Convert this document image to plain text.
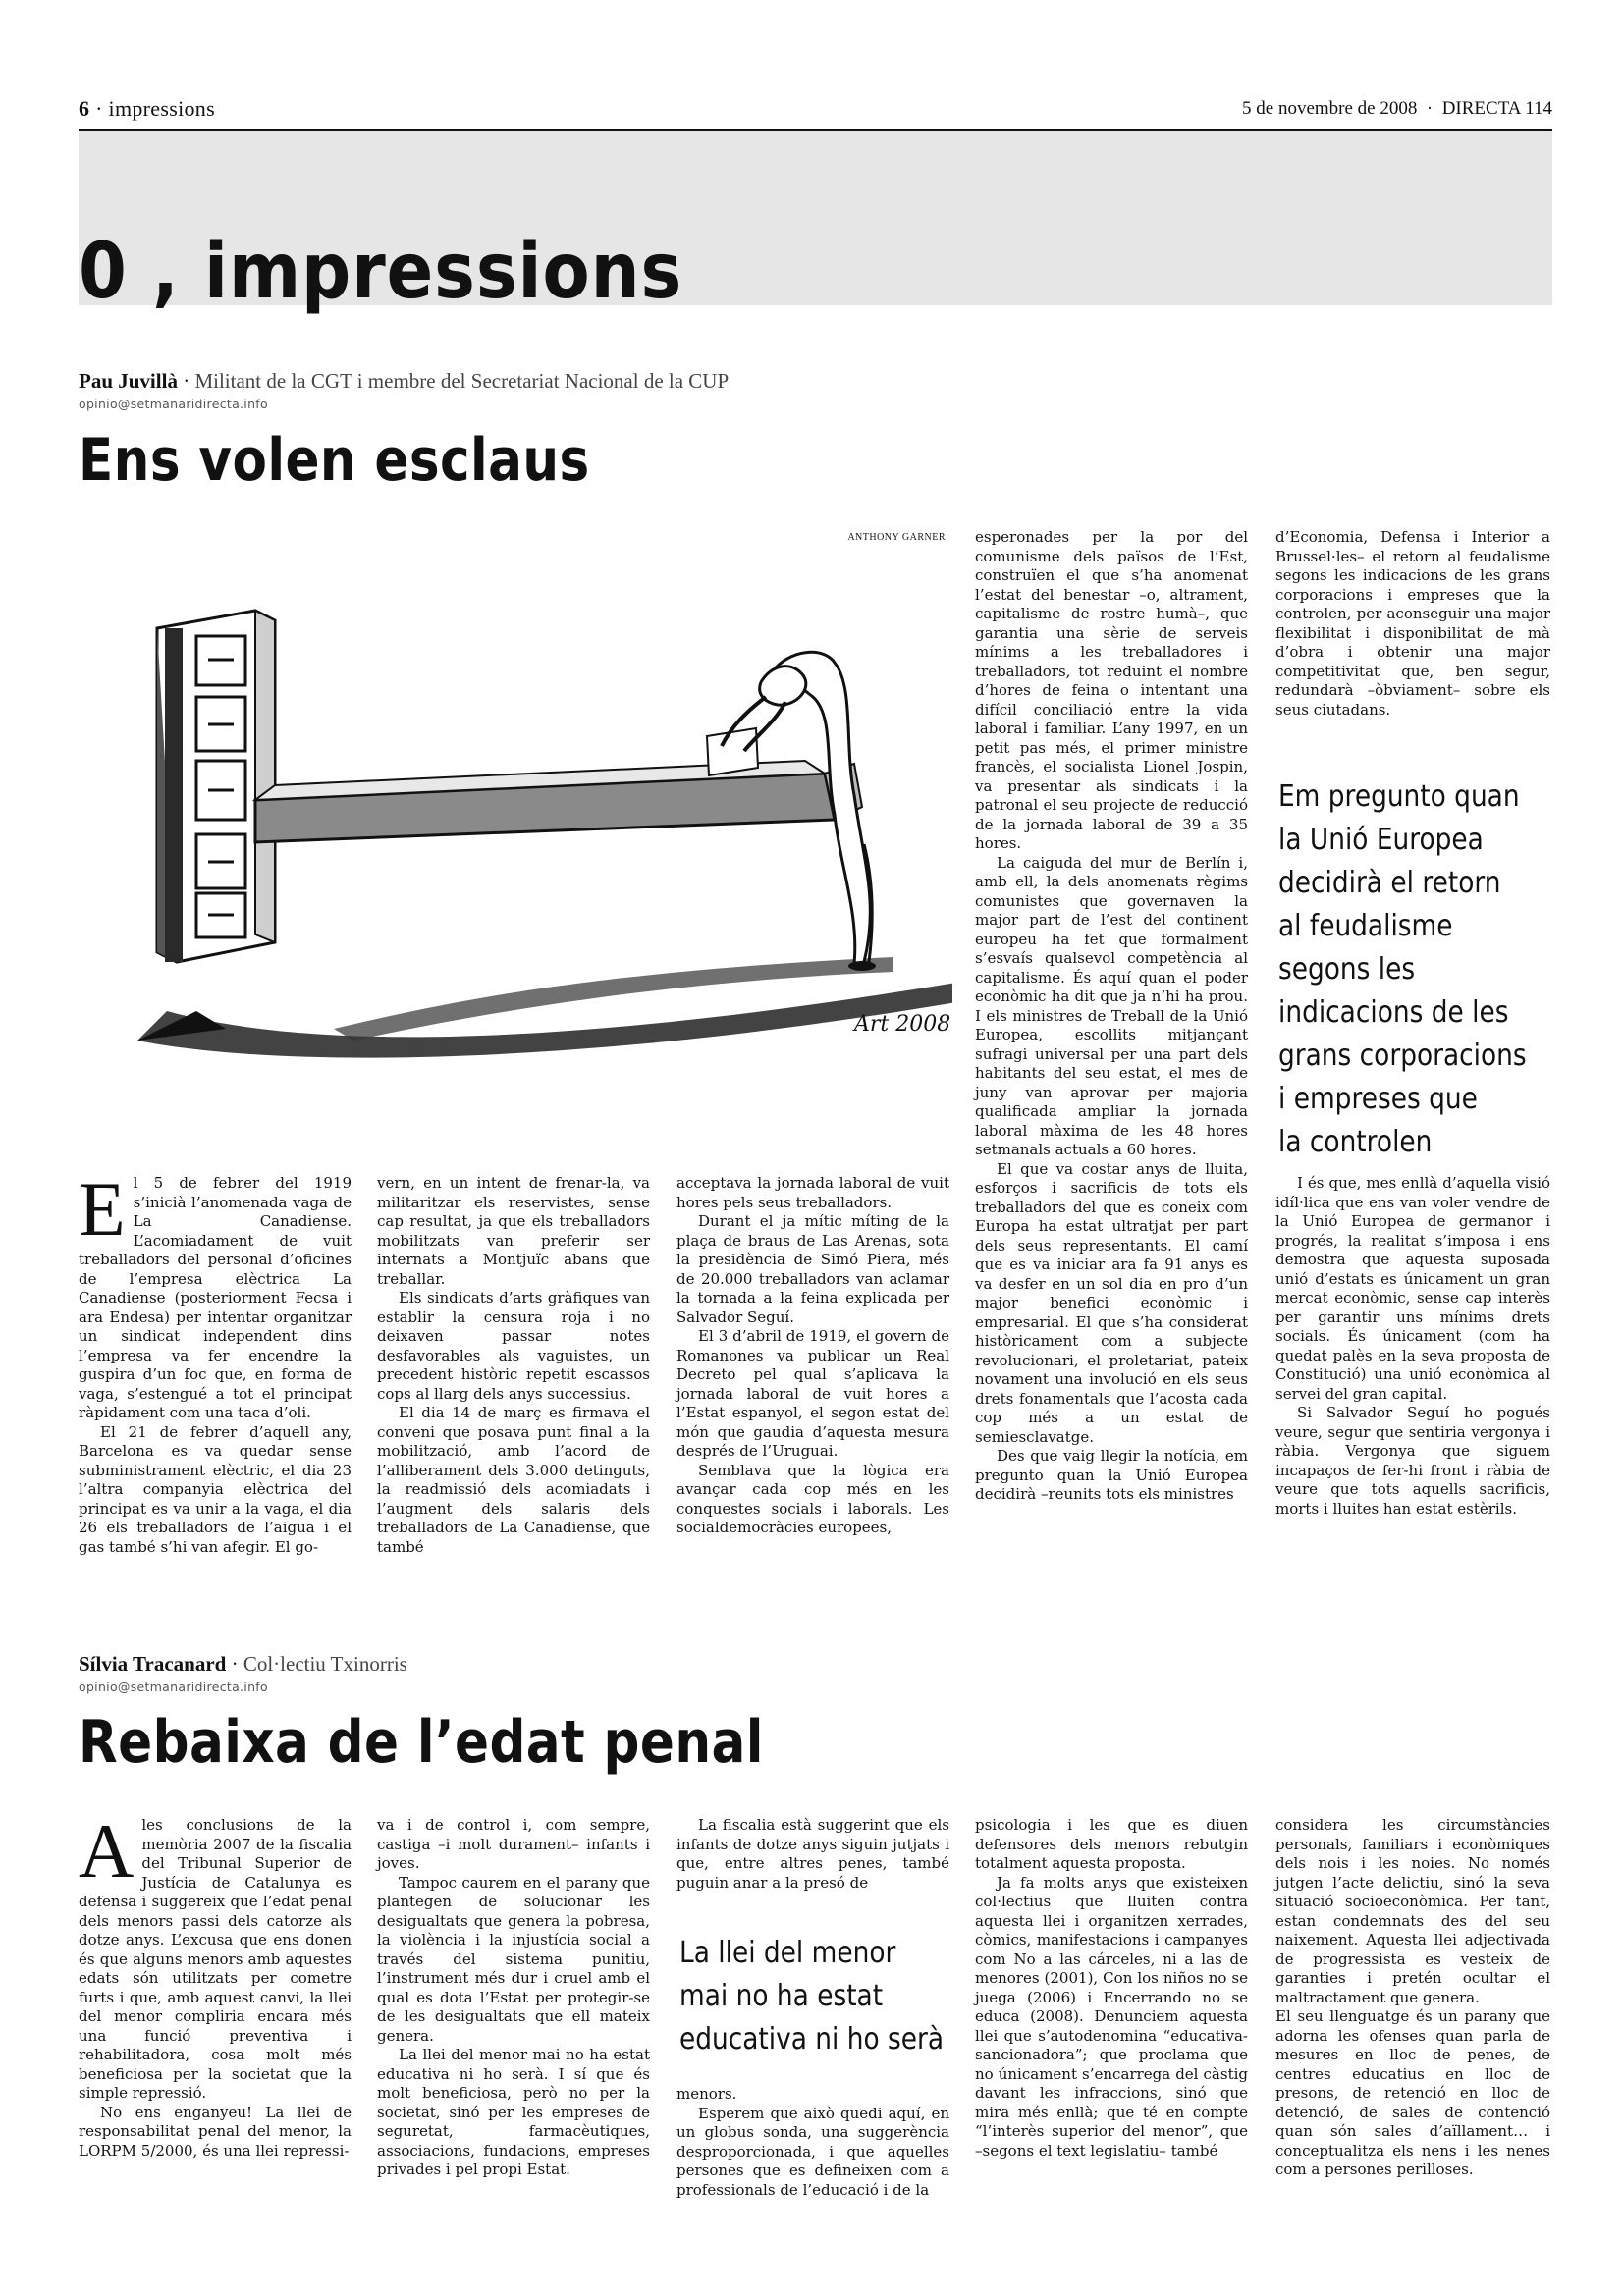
6 · impressions	5 de novembre de 2008  ·  DIRECTA 114
0 , impressions
Pau Juvillà · Militant de la CGT i membre del Secretariat Nacional de la CUP
opinio@setmanaridirecta.info
Ens volen esclaus
ANTHONY GARNER
Art 2008
E l 5 de febrer del 1919 s’inicià l’anomenada vaga de La Canadiense. L’acomiadament de vuit treballadors del personal d’oficines de l’empresa elèctrica La Canadiense (posteriorment Fecsa i ara Endesa) per intentar organitzar un sindicat independent dins l’empresa va fer encendre la guspira d’un foc que, en forma de vaga, s’estengué a tot el principat ràpidament com una taca d’oli.

El 21 de febrer d’aquell any, Barcelona es va quedar sense subministrament elèctric, el dia 23 l’altra companyia elèctrica del principat es va unir a la vaga, el dia 26 els treballadors de l’aigua i el gas també s’hi van afegir. El go-

vern, en un intent de frenar-la, va militaritzar els reservistes, sense cap resultat, ja que els treballadors mobilitzats van preferir ser internats a Montjuïc abans que treballar.

Els sindicats d’arts gràfiques van establir la censura roja i no deixaven passar notes desfavorables als vaguistes, un precedent històric repetit escassos cops al llarg dels anys successius.

El dia 14 de març es firmava el conveni que posava punt final a la mobilització, amb l’acord de l’alliberament dels 3.000 detinguts, la readmissió dels acomiadats i l’augment dels salaris dels treballadors de La Canadiense, que també

acceptava la jornada laboral de vuit hores pels seus treballadors.

Durant el ja mític míting de la plaça de braus de Las Arenas, sota la presidència de Simó Piera, més de 20.000 treballadors van aclamar la tornada a la feina explicada per Salvador Seguí.

El 3 d’abril de 1919, el govern de Romanones va publicar un Real Decreto pel qual s’aplicava la jornada laboral de vuit hores a l’Estat espanyol, el segon estat del món que gaudia d’aquesta mesura després de l’Uruguai.

Semblava que la lògica era avançar cada cop més en les conquestes socials i laborals. Les socialdemocràcies europees,

esperonades per la por del comunisme dels països de l’Est, construïen el que s’ha anomenat l’estat del benestar –o, altrament, capitalisme de rostre humà–, que garantia una sèrie de serveis mínims a les treballadores i treballadors, tot reduint el nombre d’hores de feina o intentant una difícil conciliació entre la vida laboral i familiar. L’any 1997, en un petit pas més, el primer ministre francès, el socialista Lionel Jospin, va presentar als sindicats i la patronal el seu projecte de reducció de la jornada laboral de 39 a 35 hores.

La caiguda del mur de Berlín i, amb ell, la dels anomenats règims comunistes que governaven la major part de l’est del continent europeu ha fet que formalment s’esvaís qualsevol competència al capitalisme. És aquí quan el poder econòmic ha dit que ja n’hi ha prou. I els ministres de Treball de la Unió Europea, escollits mitjançant sufragi universal per una part dels habitants del seu estat, el mes de juny van aprovar per majoria qualificada ampliar la jornada laboral màxima de les 48 hores setmanals actuals a 60 hores.

El que va costar anys de lluita, esforços i sacrificis de tots els treballadors del que es coneix com Europa ha estat ultratjat per part dels seus representants. El camí que es va iniciar ara fa 91 anys es va desfer en un sol dia en pro d’un major benefici econòmic i empresarial. El que s’ha considerat històricament com a subjecte revolucionari, el proletariat, pateix novament una involució en els seus drets fonamentals que l’acosta cada cop més a un estat de semiesclavatge.

Des que vaig llegir la notícia, em pregunto quan la Unió Europea decidirà –reunits tots els ministres

d’Economia, Defensa i Interior a Brussel·les– el retorn al feudalisme segons les indicacions de les grans corporacions i empreses que la controlen, per aconseguir una major flexibilitat i disponibilitat de mà d’obra i obtenir una major competitivitat que, ben segur, redundarà –òbviament– sobre els seus ciutadans.

Em pregunto quan
la Unió Europea
decidirà el retorn
al feudalisme
segons les
indicacions de les
grans corporacions
i empreses que
la controlen

I és que, mes enllà d’aquella visió idíl·lica que ens van voler vendre de la Unió Europea de germanor i progrés, la realitat s’imposa i ens demostra que aquesta suposada unió d’estats es únicament un gran mercat econòmic, sense cap interès per garantir uns mínims drets socials. És únicament (com ha quedat palès en la seva proposta de Constitució) una unió econòmica al servei del gran capital.

Si Salvador Seguí ho pogués veure, segur que sentiria vergonya i ràbia. Vergonya que siguem incapaços de fer-hi front i ràbia de veure que tots aquells sacrificis, morts i lluites han estat estèrils.

Sílvia Tracanard · Col·lectiu Txinorris
opinio@setmanaridirecta.info
Rebaixa de l’edat penal
A les conclusions de la memòria 2007 de la fiscalia del Tribunal Superior de Justícia de Catalunya es defensa i suggereix que l’edat penal dels menors passi dels catorze als dotze anys. L’excusa que ens donen és que alguns menors amb aquestes edats són utilitzats per cometre furts i que, amb aquest canvi, la llei del menor compliria encara més una funció preventiva i rehabilitadora, cosa molt més beneficiosa per la societat que la simple repressió.

No ens enganyeu! La llei de responsabilitat penal del menor, la LORPM 5/2000, és una llei repressi-

va i de control i, com sempre, castiga –i molt durament– infants i joves.

Tampoc caurem en el parany que plantegen de solucionar les desigualtats que genera la pobresa, la violència i la injustícia social a través del sistema punitiu, l’instrument més dur i cruel amb el qual es dota l’Estat per protegir-se de les desigualtats que ell mateix genera.

La llei del menor mai no ha estat educativa ni ho serà. I sí que és molt beneficiosa, però no per la societat, sinó per les empreses de seguretat, farmacèutiques, associacions, fundacions, empreses privades i pel propi Estat.

La fiscalia està suggerint que els infants de dotze anys siguin jutjats i que, entre altres penes, també puguin anar a la presó de

La llei del menor
mai no ha estat
educativa ni ho serà

menors.

Esperem que això quedi aquí, en un globus sonda, una suggerència desproporcionada, i que aquelles persones que es defineixen com a professionals de l’educació i de la

psicologia i les que es diuen defensores dels menors rebutgin totalment aquesta proposta.

Ja fa molts anys que existeixen col·lectius que lluiten contra aquesta llei i organitzen xerrades, còmics, manifestacions i campanyes com No a las cárceles, ni a las de menores (2001), Con los niños no se juega (2006) i Encerrando no se educa (2008). Denunciem aquesta llei que s’autodenomina “educativa-sancionadora”; que proclama que no únicament s’encarrega del càstig davant les infraccions, sinó que mira més enllà; que té en compte “l’interès superior del menor”, que –segons el text legislatiu– també

considera les circumstàncies personals, familiars i econòmiques dels nois i les noies. No només jutgen l’acte delictiu, sinó la seva situació socioeconòmica. Per tant, estan condemnats des del seu naixement. Aquesta llei adjectivada de progressista es vesteix de garanties i pretén ocultar el maltractament que genera.

El seu llenguatge és un parany que adorna les ofenses quan parla de mesures en lloc de penes, de centres educatius en lloc de presons, de retenció en lloc de detenció, de sales de contenció quan són sales d’aïllament… i conceptualitza els nens i les nenes com a persones perilloses.
